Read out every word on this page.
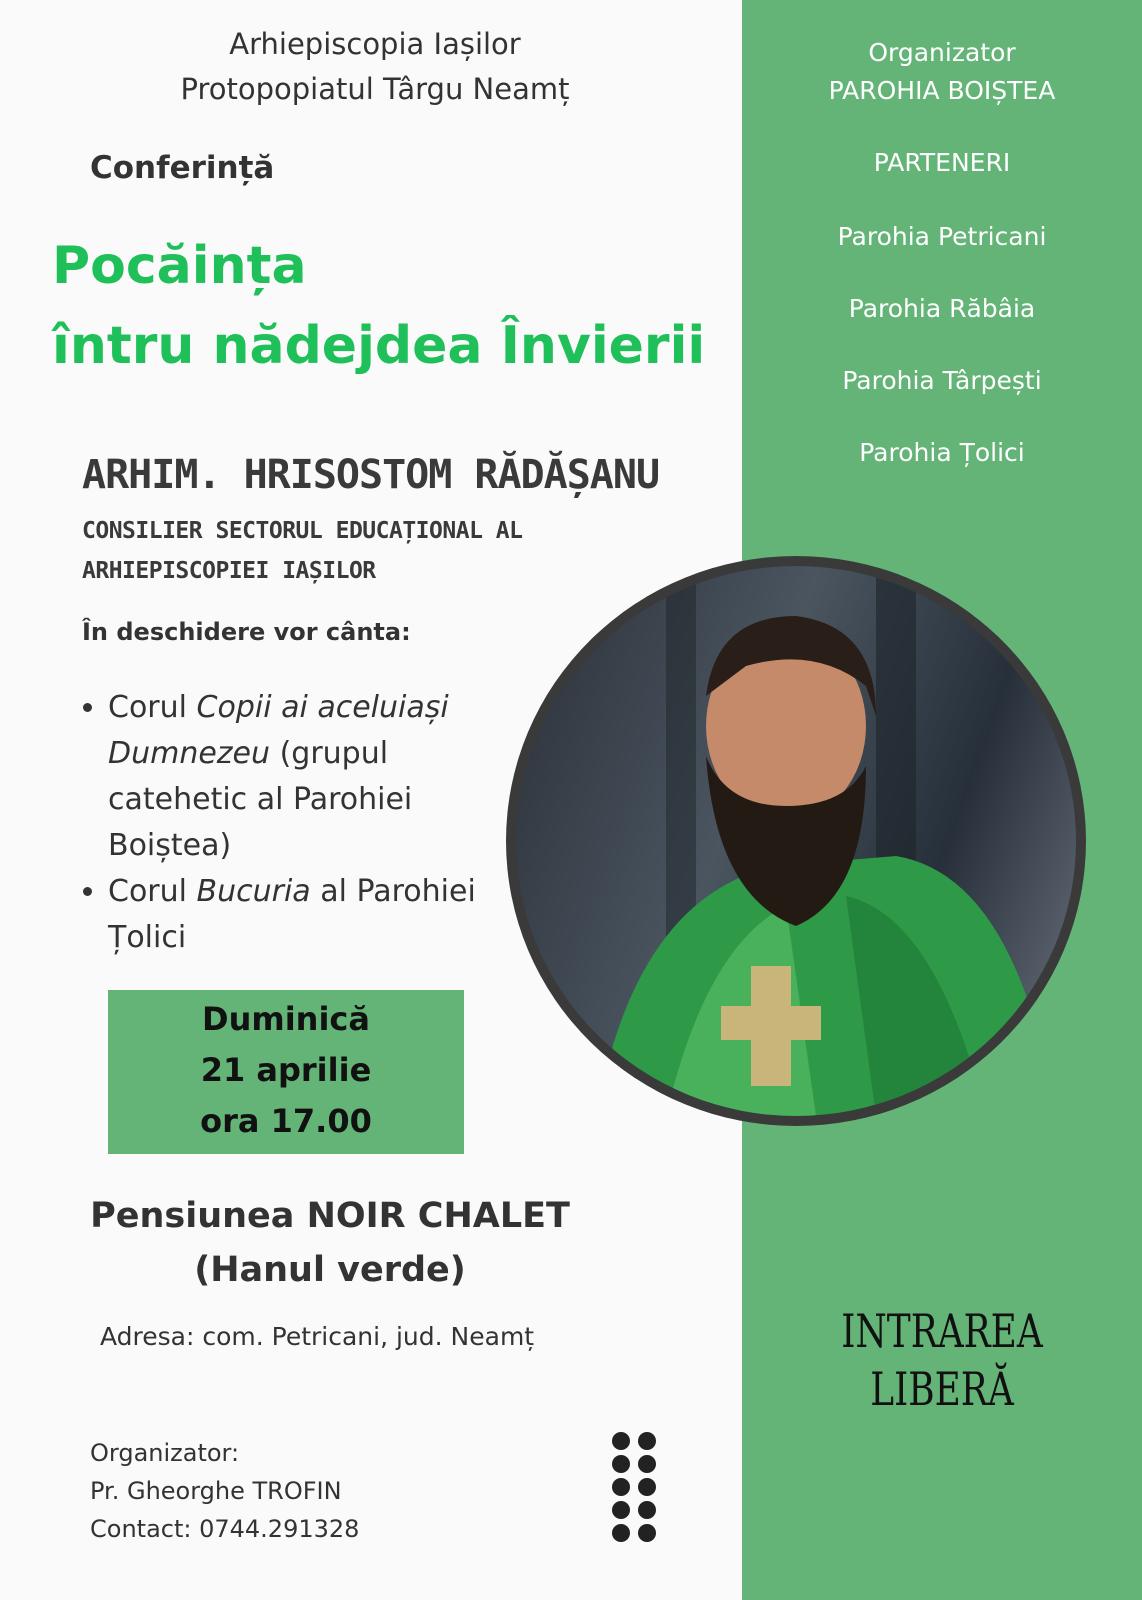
Organizator
PAROHIA BOIȘTEA
PARTENERI
Parohia Petricani
Parohia Răbâia
Parohia Târpești
Parohia Țolici
Arhiepiscopia Iașilor
Protopopiatul Târgu Neamț
Conferință
Pocăința
întru nădejdea Învierii
ARHIM. HRISOSTOM RĂDĂȘANU
CONSILIER SECTORUL EDUCAȚIONAL AL
ARHIEPISCOPIEI IAȘILOR
În deschidere vor cânta:
• Corul Copii ai aceluiași Dumnezeu (grupul catehetic al Parohiei Boiștea)
• Corul Bucuria al Parohiei Țolici
Duminică
21 aprilie
ora 17.00
Pensiunea NOIR CHALET
(Hanul verde)
Adresa: com. Petricani, jud. Neamț
Organizator:
Pr. Gheorghe TROFIN
Contact: 0744.291328
INTRAREA
LIBERĂ
